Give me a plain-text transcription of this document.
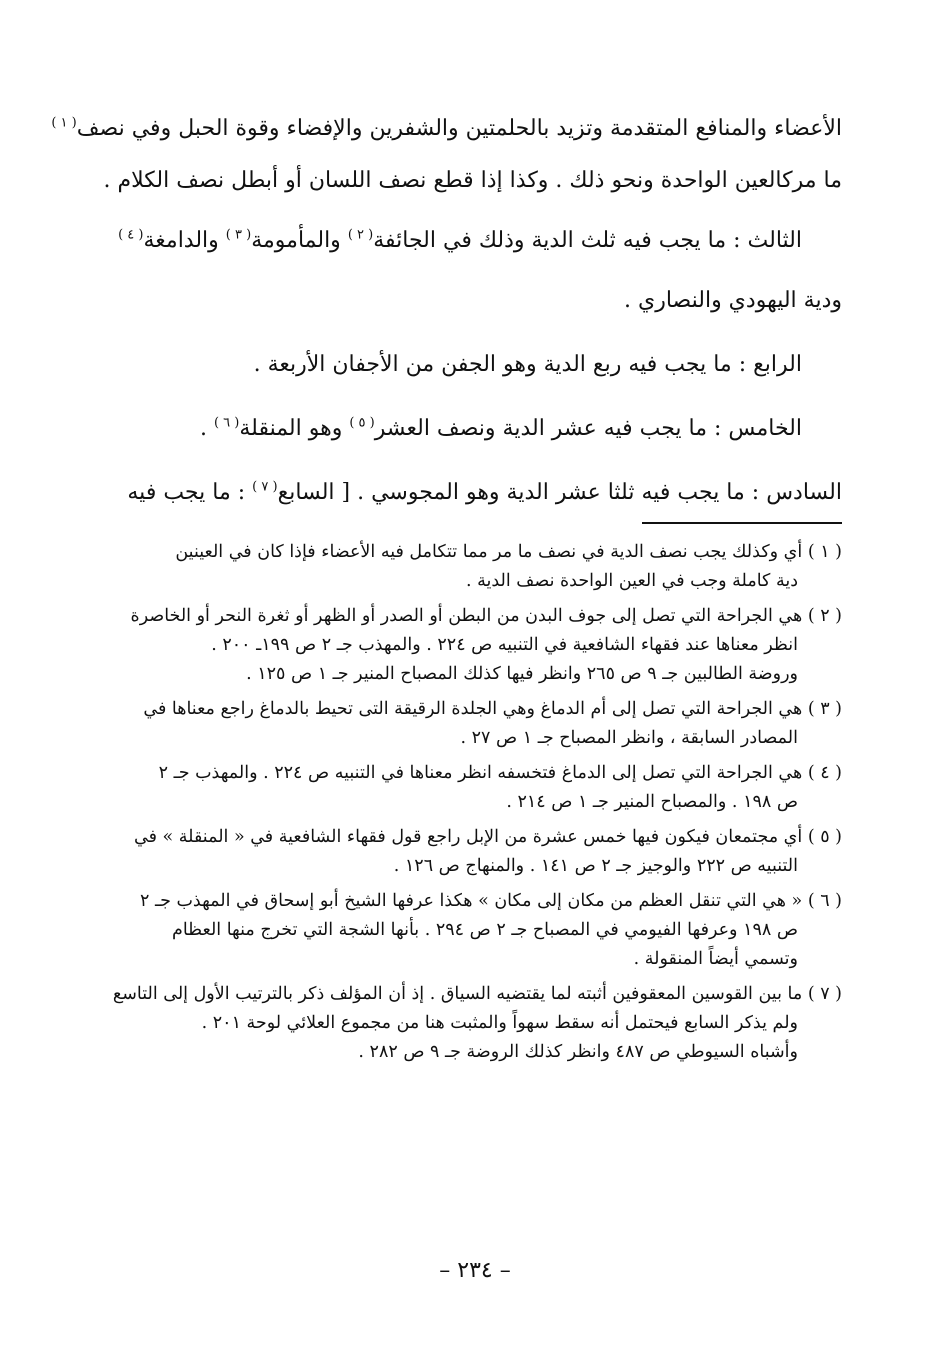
الأعضاء والمنافع المتقدمة وتزيد بالحلمتين والشفرين والإفضاء وقوة الحبل وفي نصف$^{( ١ )}$
ما مركالعين الواحدة ونحو ذلك . وكذا إذا قطع نصف اللسان أو أبطل نصف الكلام .
الثالث : ما يجب فيه ثلث الدية وذلك في الجائفة$^{( ٢ )}$ والمأمومة$^{( ٣ )}$ والدامغة$^{( ٤ )}$
ودية اليهودي والنصاري .
الرابع : ما يجب فيه ربع الدية وهو الجفن من الأجفان الأربعة .
الخامس : ما يجب فيه عشر الدية ونصف العشر$^{( ٥ )}$ وهو المنقلة$^{( ٦ )}$ .
السادس : ما يجب فيه ثلثا عشر الدية وهو المجوسي . [ السابع$^{( ٧ )}$ : ما يجب فيه
( ١ ) أي وكذلك يجب نصف الدية في نصف ما مر مما تتكامل فيه الأعضاء فإذا كان في العينين
دية كاملة وجب في العين الواحدة نصف الدية .
( ٢ ) هي الجراحة التي تصل إلى جوف البدن من البطن أو الصدر أو الظهر أو ثغرة النحر أو الخاصرة
انظر معناها عند فقهاء الشافعية في التنبيه ص ٢٢٤ . والمهذب جـ ٢ ص ١٩٩ـ ٢٠٠ .
وروضة الطالبين جـ ٩ ص ٢٦٥ وانظر فيها كذلك المصباح المنير جـ ١ ص ١٢٥ .
( ٣ ) هي الجراحة التي تصل إلى أم الدماغ وهي الجلدة الرقيقة التى تحيط بالدماغ راجع معناها في
المصادر السابقة ، وانظر المصباح جـ ١ ص ٢٧ .
( ٤ ) هي الجراحة التي تصل إلى الدماغ فتخسفه انظر معناها في التنبيه ص ٢٢٤ . والمهذب جـ ٢
ص ١٩٨ . والمصباح المنير جـ ١ ص ٢١٤ .
( ٥ ) أي مجتمعان فيكون فيها خمس عشرة من الإبل راجع قول فقهاء الشافعية في « المنقلة » في
التنبيه ص ٢٢٢ والوجيز جـ ٢ ص ١٤١ . والمنهاج ص ١٢٦ .
( ٦ ) « هي التي تنقل العظم من مكان إلى مكان » هكذا عرفها الشيخ أبو إسحاق في المهذب جـ ٢
ص ١٩٨ وعرفها الفيومي في المصباح جـ ٢ ص ٢٩٤ . بأنها الشجة التي تخرج منها العظام
وتسمي أيضاً المنقولة .
( ٧ ) ما بين القوسين المعقوفين أثبته لما يقتضيه السياق . إذ أن المؤلف ذكر بالترتيب الأول إلى التاسع
ولم يذكر السابع فيحتمل أنه سقط سهواً والمثبت هنا من مجموع العلائي لوحة ٢٠١ .
وأشباه السيوطي ص ٤٨٧ وانظر كذلك الروضة جـ ٩ ص ٢٨٢ .
– ٢٣٤ –
